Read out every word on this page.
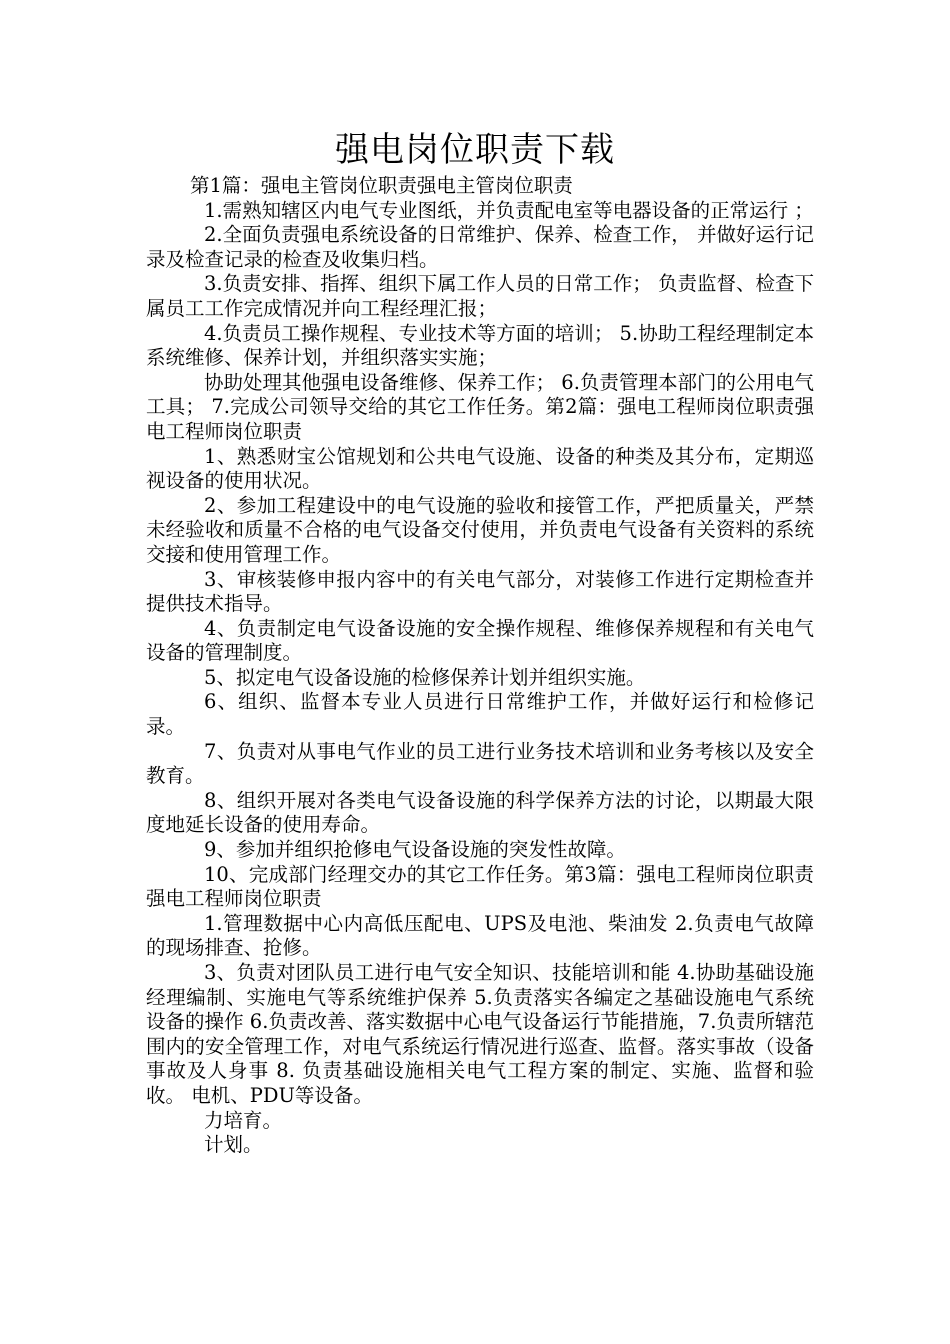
强电岗位职责下载

第1篇：强电主管岗位职责强电主管岗位职责

1.需熟知辖区内电气专业图纸，并负责配电室等电器设备的正常运行 ；

2.全面负责强电系统设备的日常维护、保养、检查工作， 并做好运行记录及检查记录的检查及收集归档。

3.负责安排、指挥、组织下属工作人员的日常工作； 负责监督、检查下属员工工作完成情况并向工程经理汇报；

4.负责员工操作规程、专业技术等方面的培训； 5.协助工程经理制定本系统维修、保养计划，并组织落实实施；

协助处理其他强电设备维修、保养工作； 6.负责管理本部门的公用电气工具； 7.完成公司领导交给的其它工作任务。第2篇：强电工程师岗位职责强电工程师岗位职责

1、熟悉财宝公馆规划和公共电气设施、设备的种类及其分布，定期巡视设备的使用状况。

2、参加工程建设中的电气设施的验收和接管工作，严把质量关，严禁未经验收和质量不合格的电气设备交付使用，并负责电气设备有关资料的系统交接和使用管理工作。

3、审核装修申报内容中的有关电气部分，对装修工作进行定期检查并提供技术指导。

4、负责制定电气设备设施的安全操作规程、维修保养规程和有关电气设备的管理制度。

5、拟定电气设备设施的检修保养计划并组织实施。

6、组织、监督本专业人员进行日常维护工作，并做好运行和检修记录。

7、负责对从事电气作业的员工进行业务技术培训和业务考核以及安全教育。

8、组织开展对各类电气设备设施的科学保养方法的讨论，以期最大限度地延长设备的使用寿命。

9、参加并组织抢修电气设备设施的突发性故障。

10、完成部门经理交办的其它工作任务。第3篇：强电工程师岗位职责强电工程师岗位职责

1.管理数据中心内高低压配电、UPS及电池、柴油发 2.负责电气故障的现场排查、抢修。

3、负责对团队员工进行电气安全知识、技能培训和能 4.协助基础设施经理编制、实施电气等系统维护保养 5.负责落实各编定之基础设施电气系统设备的操作 6.负责改善、落实数据中心电气设备运行节能措施，7.负责所辖范围内的安全管理工作，对电气系统运行情况进行巡查、监督。落实事故（设备事故及人身事 8. 负责基础设施相关电气工程方案的制定、实施、监督和验收。 电机、PDU等设备。

力培育。

计划。
